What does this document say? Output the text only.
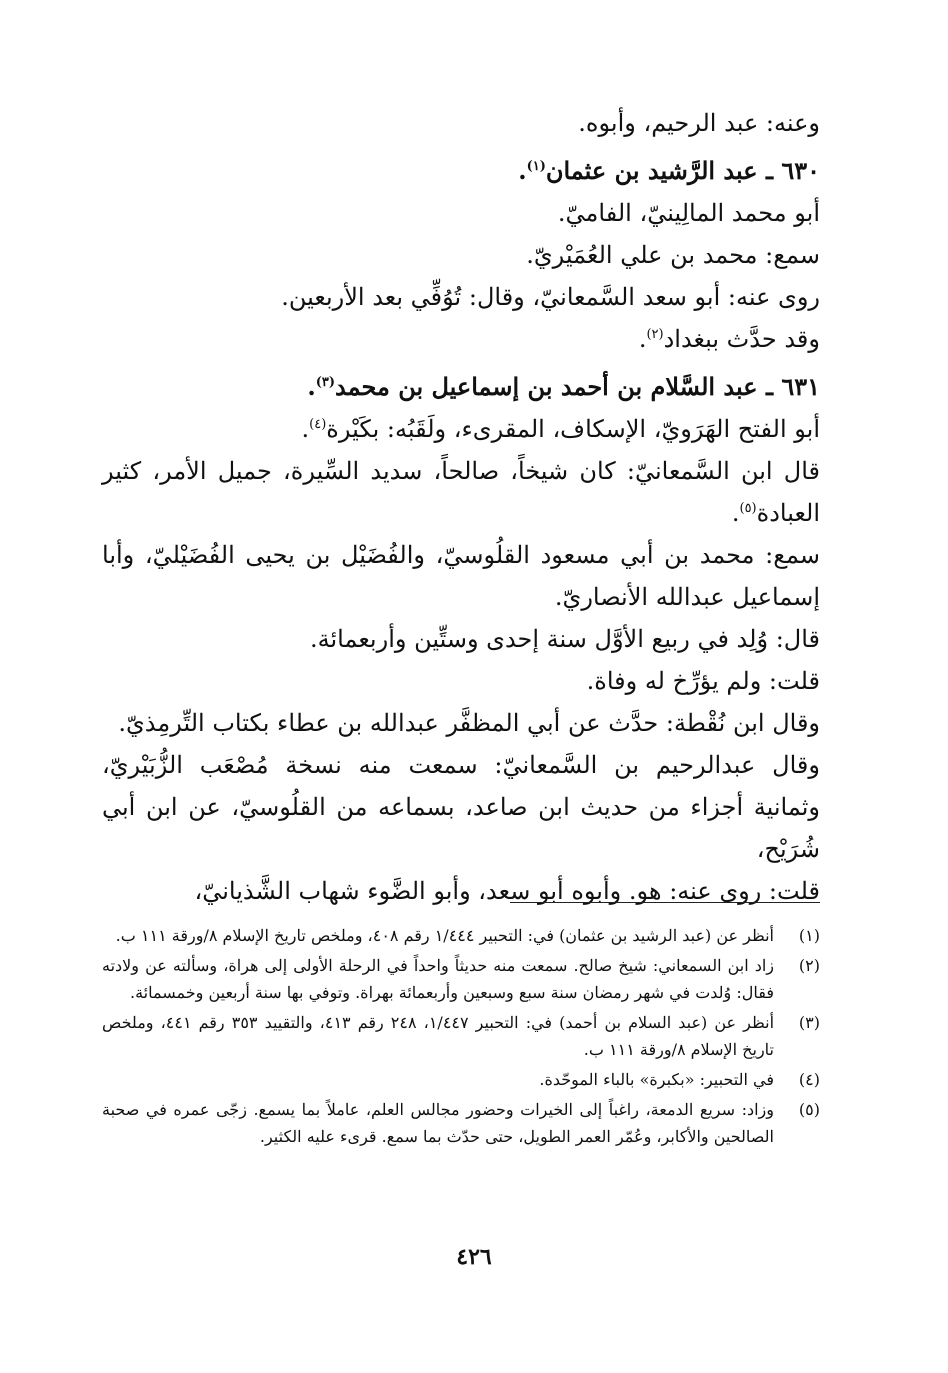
وعنه: عبد الرحيم، وأبوه.

٦٣٠ ـ عبد الرَّشيد بن عثمان$^{(١)}$.

أبو محمد المالِينيّ، الفاميّ.

سمع: محمد بن علي العُمَيْريّ.

روى عنه: أبو سعد السَّمعانيّ، وقال: تُوُفِّي بعد الأربعين.

وقد حدَّث ببغداد$^{(٢)}$.

٦٣١ ـ عبد السَّلام بن أحمد بن إسماعيل بن محمد$^{(٣)}$.

أبو الفتح الهَرَويّ، الإسكاف، المقرىء، ولَقَبُه: بكَيْرة$^{(٤)}$.

قال ابن السَّمعانيّ: كان شيخاً، صالحاً، سديد السِّيرة، جميل الأمر، كثير العبادة$^{(٥)}$.

سمع: محمد بن أبي مسعود القلُوسيّ، والفُضَيْل بن يحيى الفُضَيْليّ، وأبا إسماعيل عبدالله الأنصاريّ.

قال: وُلِد في ربيع الأوَّل سنة إحدى وستِّين وأربعمائة.

قلت: ولم يؤرِّخ له وفاة.

وقال ابن نُقْطة: حدَّث عن أبي المظفَّر عبدالله بن عطاء بكتاب التِّرمِذيّ.

وقال عبدالرحيم بن السَّمعانيّ: سمعت منه نسخة مُصْعَب الزُّبَيْريّ، وثمانية أجزاء من حديث ابن صاعد، بسماعه من القلُوسيّ، عن ابن أبي شُرَيْح،

قلت: روى عنه: هو. وأبوه أبو سعد، وأبو الضَّوء شهاب الشَّذيانيّ،

(١)
أنظر عن (عبد الرشيد بن عثمان) في: التحبير ١/٤٤٤ رقم ٤٠٨، وملخص تاريخ الإسلام ٨/ورقة ١١١ ب.
(٢)
زاد ابن السمعاني: شيخ صالح. سمعت منه حديثاً واحداً في الرحلة الأولى إلى هراة، وسألته عن ولادته فقال: وُلدت في شهر رمضان سنة سبع وسبعين وأربعمائة بهراة. وتوفي بها سنة أربعين وخمسمائة.
(٣)
أنظر عن (عبد السلام بن أحمد) في: التحبير ١/٤٤٧، ٢٤٨ رقم ٤١٣، والتقييد ٣٥٣ رقم ٤٤١، وملخص تاريخ الإسلام ٨/ورقة ١١١ ب.
(٤)
في التحبير: «بكبرة» بالباء الموحّدة.
(٥)
وزاد: سريع الدمعة، راغباً إلى الخيرات وحضور مجالس العلم، عاملاً بما يسمع. زجّى عمره في صحبة الصالحين والأكابر، وعُمّر العمر الطويل، حتى حدّث بما سمع. قرىء عليه الكثير.
٤٢٦
